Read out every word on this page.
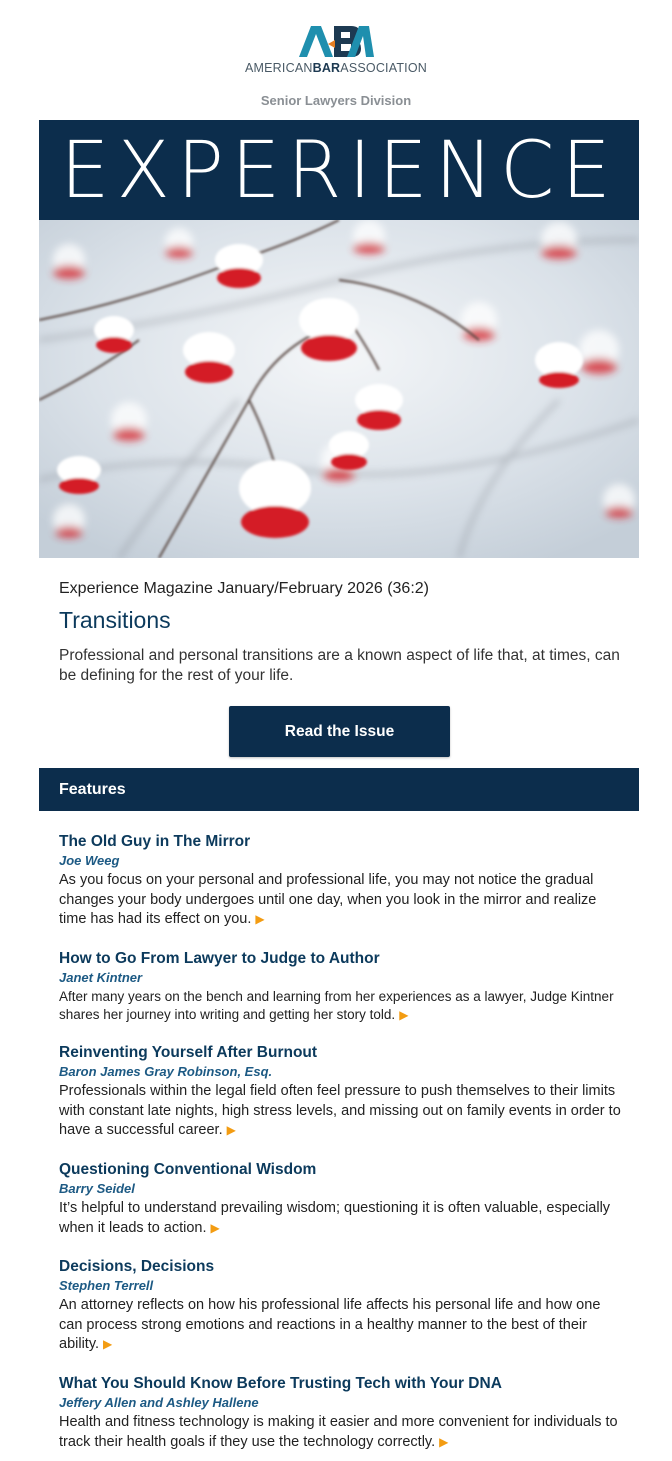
AMERICANBARASSOCIATION
Senior Lawyers Division
EXPERIENCE

Experience Magazine January/February 2026 (36:2)

Transitions

Professional and personal transitions are a known aspect of life that, at times, can be defining for the rest of your life.

Read the Issue
Features
The Old Guy in The Mirror

Joe Weeg

As you focus on your personal and professional life, you may not notice the gradual changes your body undergoes until one day, when you look in the mirror and realize time has had its effect on you. ▶

How to Go From Lawyer to Judge to Author

Janet Kintner

After many years on the bench and learning from her experiences as a lawyer, Judge Kintner shares her journey into writing and getting her story told. ▶

Reinventing Yourself After Burnout

Baron James Gray Robinson, Esq.

Professionals within the legal field often feel pressure to push themselves to their limits with constant late nights, high stress levels, and missing out on family events in order to have a successful career. ▶

Questioning Conventional Wisdom

Barry Seidel

It’s helpful to understand prevailing wisdom; questioning it is often valuable, especially when it leads to action. ▶

Decisions, Decisions

Stephen Terrell

An attorney reflects on how his professional life affects his personal life and how one can process strong emotions and reactions in a healthy manner to the best of their ability. ▶

What You Should Know Before Trusting Tech with Your DNA

Jeffery Allen and Ashley Hallene

Health and fitness technology is making it easier and more convenient for individuals to track their health goals if they use the technology correctly. ▶
